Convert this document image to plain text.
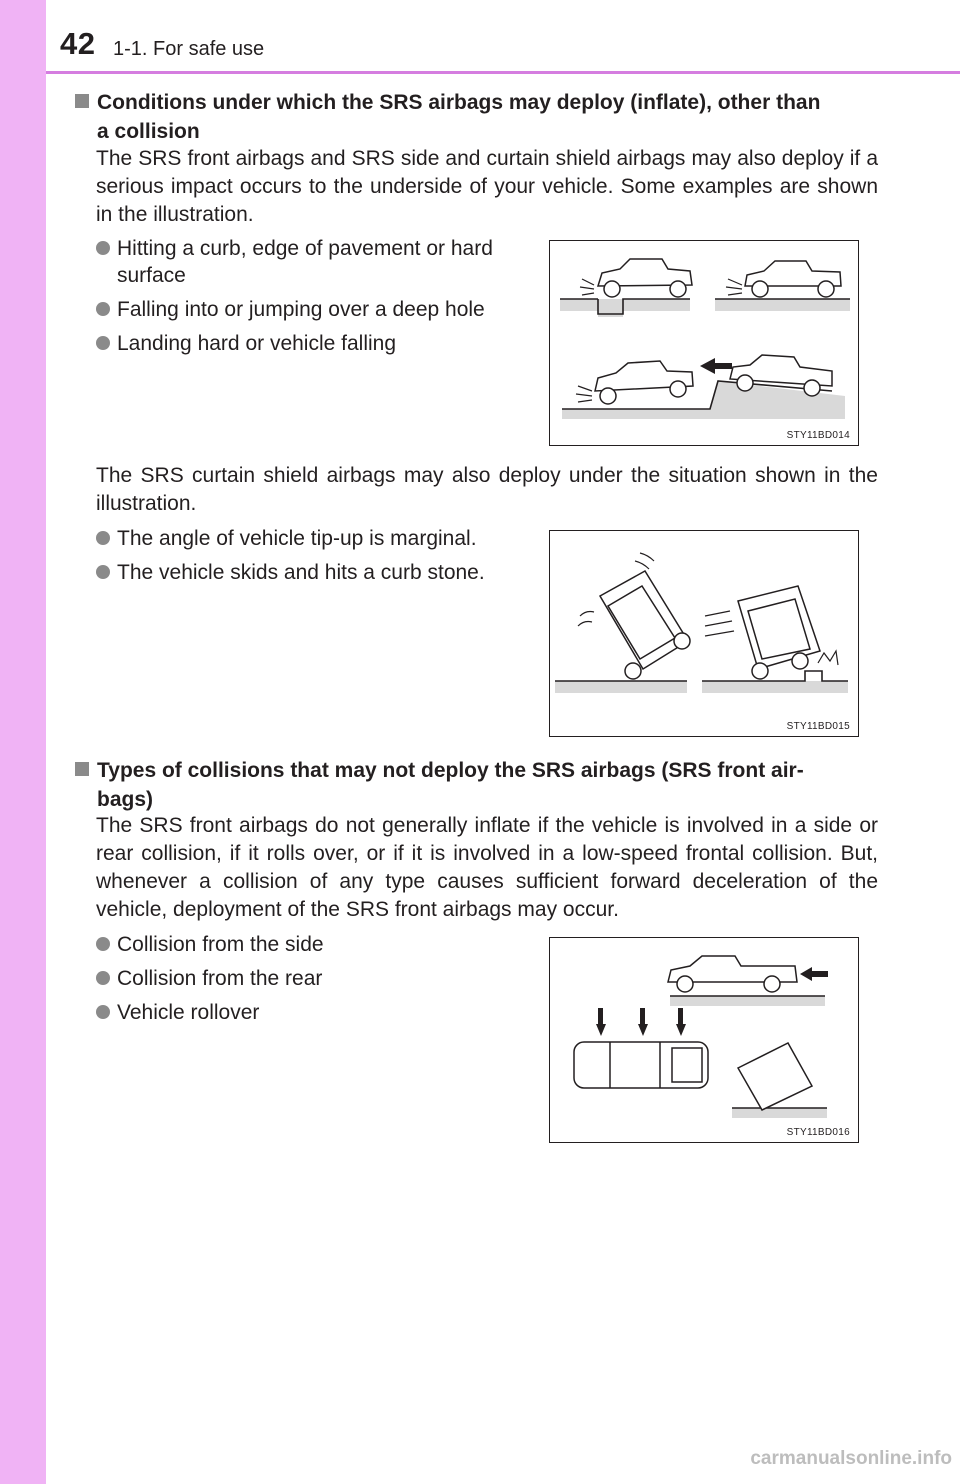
42 1-1. For safe use
Conditions under which the SRS airbags may deploy (inflate), other than
a collision
The SRS front airbags and SRS side and curtain shield airbags may also deploy if a serious impact occurs to the underside of your vehicle. Some examples are shown in the illustration.
Hitting a curb, edge of pavement or hard surface
Falling into or jumping over a deep hole
Landing hard or vehicle falling
STY11BD014
The SRS curtain shield airbags may also deploy under the situation shown in the illustration.
The angle of vehicle tip-up is marginal.
The vehicle skids and hits a curb stone.
STY11BD015
Types of collisions that may not deploy the SRS airbags (SRS front air-
bags)
The SRS front airbags do not generally inflate if the vehicle is involved in a side or rear collision, if it rolls over, or if it is involved in a low-speed frontal collision. But, whenever a collision of any type causes sufficient forward deceleration of the vehicle, deployment of the SRS front airbags may occur.
Collision from the side
Collision from the rear
Vehicle rollover
STY11BD016
carmanualsonline.info
